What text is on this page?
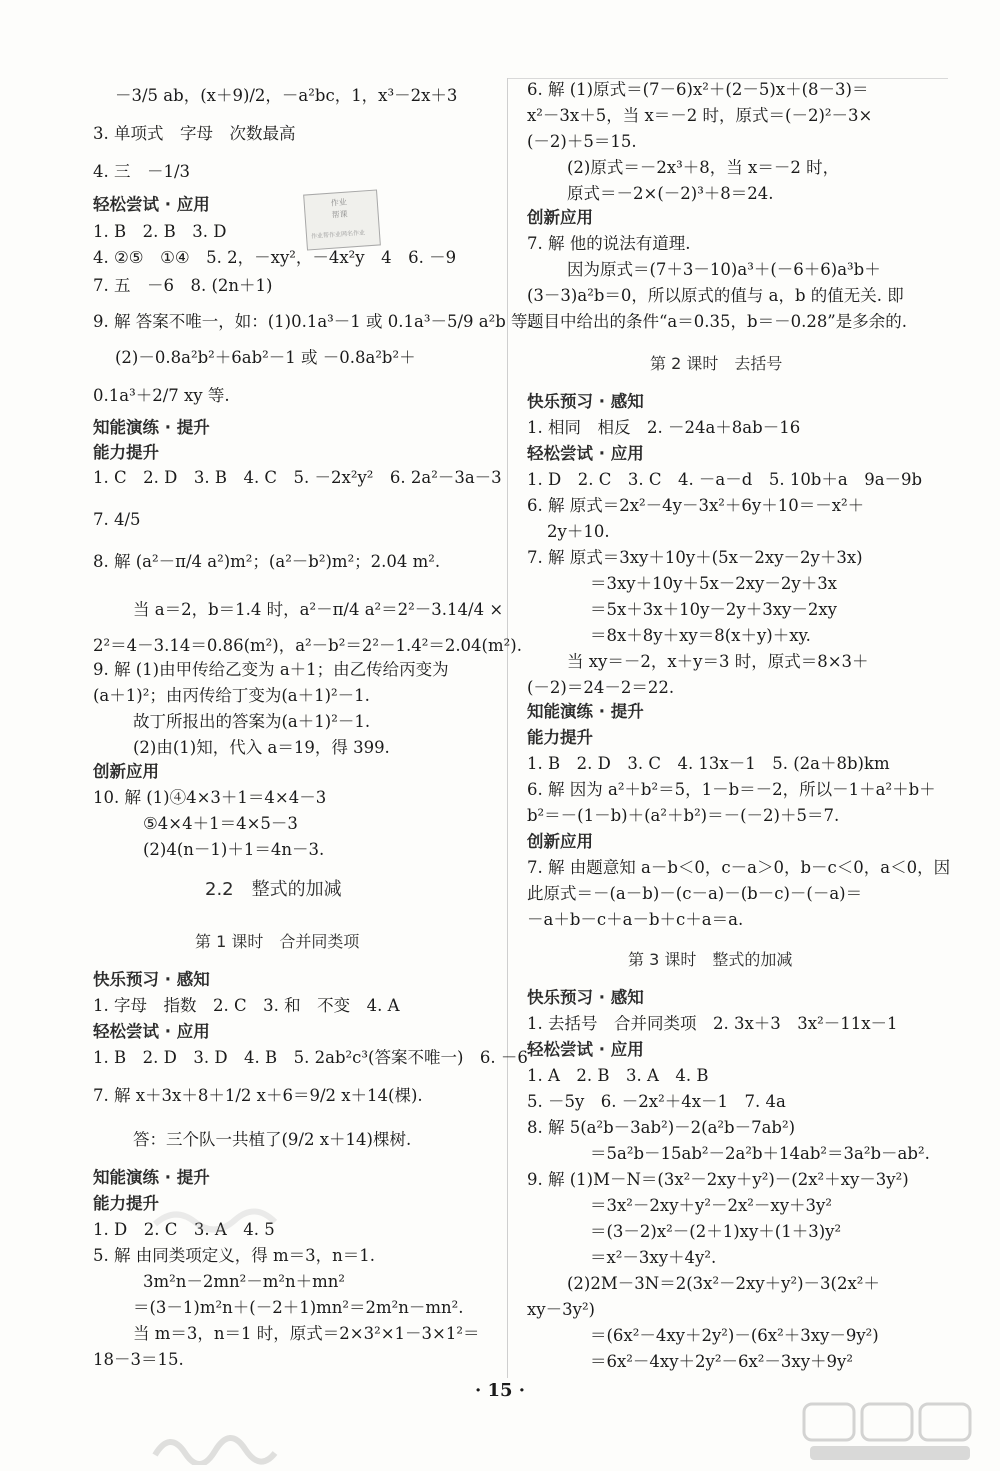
－3/5 ab，(x＋9)/2，－a²bc，1，x³－2x＋3
3. 单项式　字母　次数最高
4. 三　－1/3
轻松尝试 · 应用
1. B　2. B　3. D
4. ②⑤　①④　5. 2，－xy²，－4x²y　4　6. －9
7. 五　－6　8. (2n＋1)
9. 解 答案不唯一，如：(1)0.1a³－1 或 0.1a³－5/9 a²b 等.
(2)－0.8a²b²＋6ab²－1 或 －0.8a²b²＋
0.1a³＋2/7 xy 等.
知能演练 · 提升
能力提升
1. C　2. D　3. B　4. C　5. －2x²y²　6. 2a²－3a－3
7. 4/5
8. 解 (a²－π/4 a²)m²；(a²－b²)m²；2.04 m².
当 a＝2，b＝1.4 时，a²－π/4 a²＝2²－3.14/4 ×
2²＝4－3.14＝0.86(m²)，a²－b²＝2²－1.4²＝2.04(m²).
9. 解 (1)由甲传给乙变为 a＋1；由乙传给丙变为
(a＋1)²；由丙传给丁变为(a＋1)²－1.
故丁所报出的答案为(a＋1)²－1.
(2)由(1)知，代入 a＝19，得 399.
创新应用
10. 解 (1)④4×3＋1＝4×4－3
⑤4×4＋1＝4×5－3
(2)4(n－1)＋1＝4n－3.
2.2　整式的加减
第 1 课时　合并同类项
快乐预习 · 感知
1. 字母　指数　2. C　3. 和　不变　4. A
轻松尝试 · 应用
1. B　2. D　3. D　4. B　5. 2ab²c³(答案不唯一)　6. －6
7. 解 x＋3x＋8＋1/2 x＋6＝9/2 x＋14(棵).
答：三个队一共植了(9/2 x＋14)棵树.
知能演练 · 提升
能力提升
1. D　2. C　3. A　4. 5
5. 解 由同类项定义，得 m＝3，n＝1.
3m²n－2mn²－m²n＋mn²
＝(3－1)m²n＋(－2＋1)mn²＝2m²n－mn².
当 m＝3，n＝1 时，原式＝2×3²×1－3×1²＝
18－3＝15.
6. 解 (1)原式＝(7－6)x²＋(2－5)x＋(8－3)＝
x²－3x＋5，当 x＝－2 时，原式＝(－2)²－3×
(－2)＋5＝15.
(2)原式＝－2x³＋8，当 x＝－2 时，
原式＝－2×(－2)³＋8＝24.
创新应用
7. 解 他的说法有道理.
因为原式＝(7＋3－10)a³＋(－6＋6)a³b＋
(3－3)a²b＝0，所以原式的值与 a，b 的值无关. 即
题目中给出的条件“a＝0.35，b＝－0.28”是多余的.
第 2 课时　去括号
快乐预习 · 感知
1. 相同　相反　2. －24a＋8ab－16
轻松尝试 · 应用
1. D　2. C　3. C　4. －a－d　5. 10b＋a　9a－9b
6. 解 原式＝2x²－4y－3x²＋6y＋10＝－x²＋
2y＋10.
7. 解 原式＝3xy＋10y＋(5x－2xy－2y＋3x)
＝3xy＋10y＋5x－2xy－2y＋3x
＝5x＋3x＋10y－2y＋3xy－2xy
＝8x＋8y＋xy＝8(x＋y)＋xy.
当 xy＝－2，x＋y＝3 时，原式＝8×3＋
(－2)＝24－2＝22.
知能演练 · 提升
能力提升
1. B　2. D　3. C　4. 13x－1　5. (2a＋8b)km
6. 解 因为 a²＋b²＝5，1－b＝－2，所以－1＋a²＋b＋
b²＝－(1－b)＋(a²＋b²)＝－(－2)＋5＝7.
创新应用
7. 解 由题意知 a－b＜0，c－a＞0，b－c＜0，a＜0，因
此原式＝－(a－b)－(c－a)－(b－c)－(－a)＝
－a＋b－c＋a－b＋c＋a＝a.
第 3 课时　整式的加减
快乐预习 · 感知
1. 去括号　合并同类项　2. 3x＋3　3x²－11x－1
轻松尝试 · 应用
1. A　2. B　3. A　4. B
5. －5y　6. －2x²＋4x－1　7. 4a
8. 解 5(a²b－3ab²)－2(a²b－7ab²)
＝5a²b－15ab²－2a²b＋14ab²＝3a²b－ab².
9. 解 (1)M－N＝(3x²－2xy＋y²)－(2x²＋xy－3y²)
＝3x²－2xy＋y²－2x²－xy＋3y²
＝(3－2)x²－(2＋1)xy＋(1＋3)y²
＝x²－3xy＋4y².
(2)2M－3N＝2(3x²－2xy＋y²)－3(2x²＋
xy－3y²)
＝(6x²－4xy＋2y²)－(6x²＋3xy－9y²)
＝6x²－4xy＋2y²－6x²－3xy＋9y²
作业
帮课
作业帮作业网名作业
· 15 ·
